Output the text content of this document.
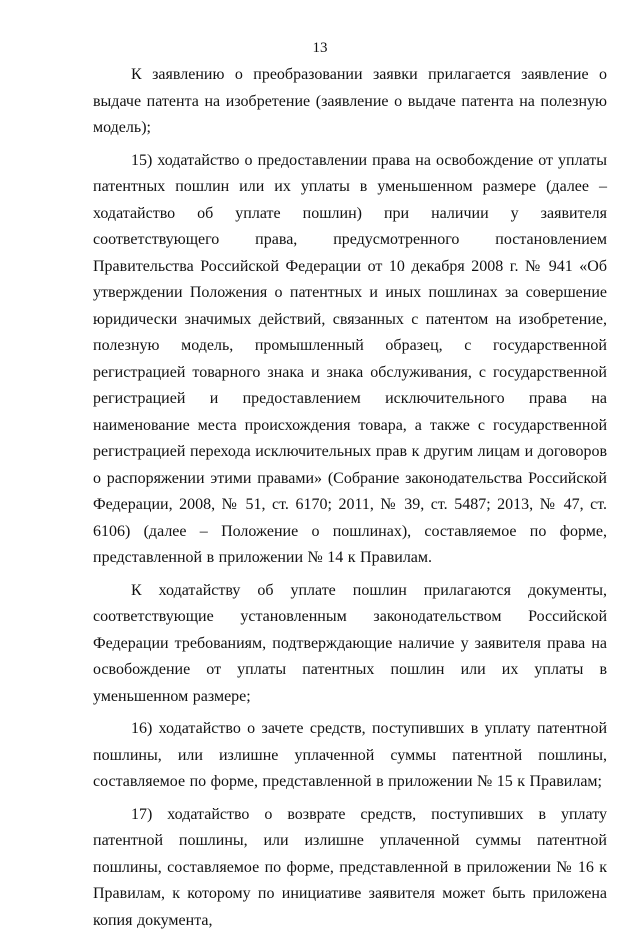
13

К заявлению о преобразовании заявки прилагается заявление о выдаче патента на изобретение (заявление о выдаче патента на полезную модель);

15) ходатайство о предоставлении права на освобождение от уплаты патентных пошлин или их уплаты в уменьшенном размере (далее – ходатайство об уплате пошлин) при наличии у заявителя соответствующего права, предусмотренного постановлением Правительства Российской Федерации от 10 декабря 2008 г. № 941 «Об утверждении Положения о патентных и иных пошлинах за совершение юридически значимых действий, связанных с патентом на изобретение, полезную модель, промышленный образец, с государственной регистрацией товарного знака и знака обслуживания, с государственной регистрацией и предоставлением исключительного права на наименование места происхождения товара, а также с государственной регистрацией перехода исключительных прав к другим лицам и договоров о распоряжении этими правами» (Собрание законодательства Российской Федерации, 2008, № 51, ст. 6170; 2011, № 39, ст. 5487; 2013, № 47, ст. 6106) (далее – Положение о пошлинах), составляемое по форме, представленной в приложении № 14 к Правилам.

К ходатайству об уплате пошлин прилагаются документы, соответствующие установленным законодательством Российской Федерации требованиям, подтверждающие наличие у заявителя права на освобождение от уплаты патентных пошлин или их уплаты в уменьшенном размере;

16) ходатайство о зачете средств, поступивших в уплату патентной пошлины, или излишне уплаченной суммы патентной пошлины, составляемое по форме, представленной в приложении № 15 к Правилам;

17) ходатайство о возврате средств, поступивших в уплату патентной пошлины, или излишне уплаченной суммы патентной пошлины, составляемое по форме, представленной в приложении № 16 к Правилам, к которому по инициативе заявителя может быть приложена копия документа,
